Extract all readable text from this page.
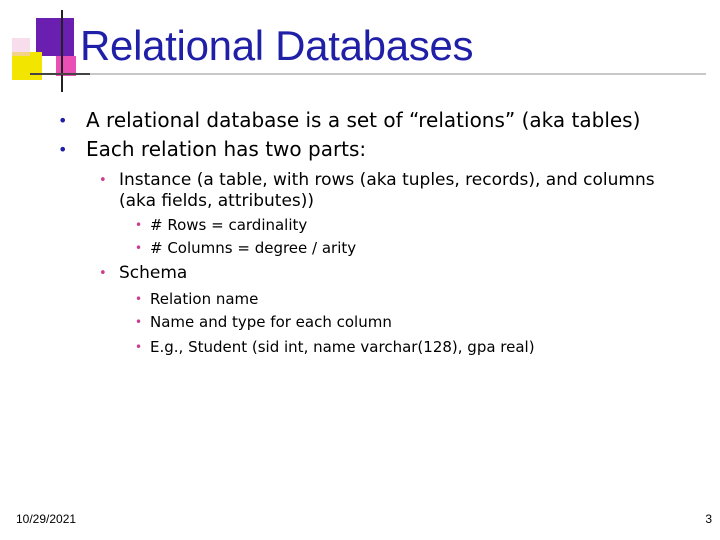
Relational Databases
• A relational database is a set of “relations” (aka tables)
• Each relation has two parts:
• Instance (a table, with rows (aka tuples, records), and columns
(aka fields, attributes))
• # Rows = cardinality
• # Columns = degree / arity
• Schema
• Relation name
• Name and type for each column
• E.g., Student (sid int, name varchar(128), gpa real)
10/29/2021	3
